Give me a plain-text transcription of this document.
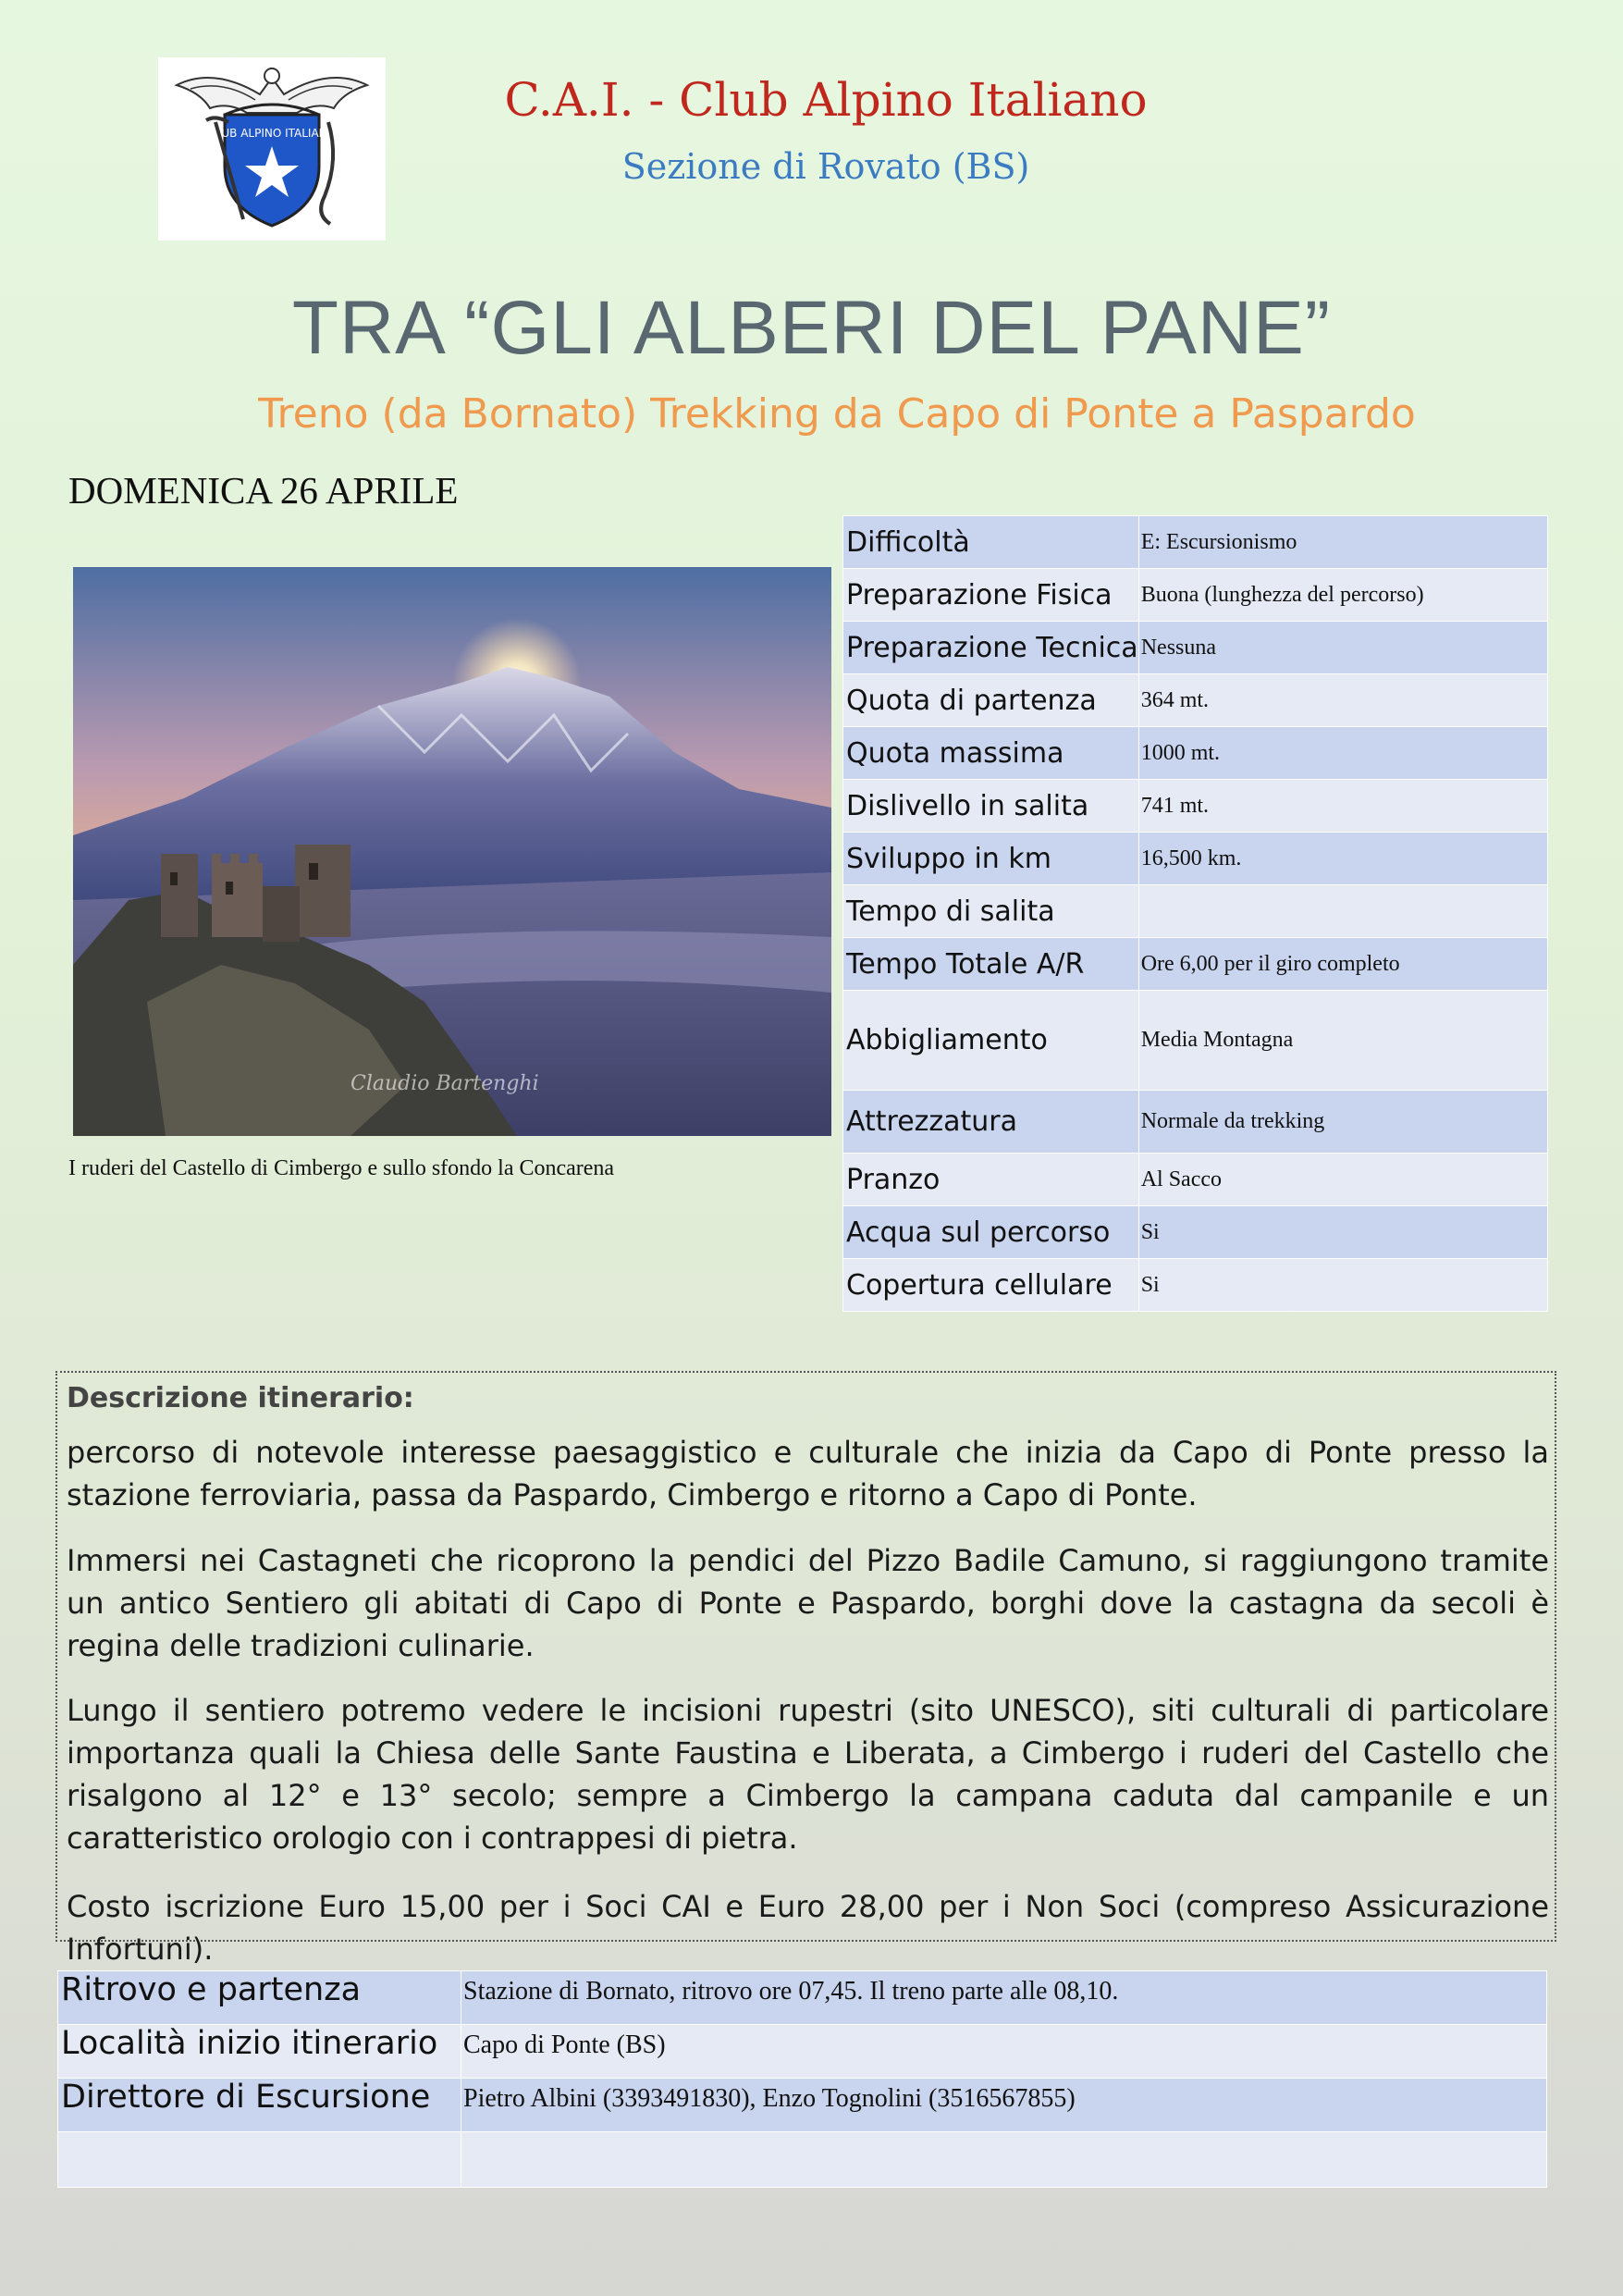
CLUB ALPINO ITALIANO
C.A.I. - Club Alpino Italiano
Sezione di Rovato (BS)
TRA “GLI ALBERI DEL PANE”
Treno (da Bornato) Trekking da Capo di Ponte a Paspardo
DOMENICA 26 APRILE
Claudio Bartenghi
I ruderi del Castello di Cimbergo e sullo sfondo la Concarena
Difficoltà	E: Escursionismo
Preparazione Fisica	Buona (lunghezza del percorso)
Preparazione Tecnica	Nessuna
Quota di partenza	364 mt.
Quota massima	1000 mt.
Dislivello in salita	741 mt.
Sviluppo in km	16,500 km.
Tempo di salita	
Tempo Totale A/R	Ore 6,00 per il giro completo
Abbigliamento	Media Montagna
Attrezzatura	Normale da trekking
Pranzo	Al Sacco
Acqua sul percorso	Si
Copertura cellulare	Si
Descrizione itinerario:

percorso di notevole interesse paesaggistico e culturale che inizia da Capo di Ponte presso la stazione ferroviaria, passa da Paspardo, Cimbergo e ritorno a Capo di Ponte.

Immersi nei Castagneti che ricoprono la pendici del Pizzo Badile Camuno, si raggiungono tramite un antico Sentiero gli abitati di Capo di Ponte e Paspardo, borghi dove la castagna da secoli è regina delle tradizioni culinarie.

Lungo il sentiero potremo vedere le incisioni rupestri (sito UNESCO), siti culturali di particolare importanza quali la Chiesa delle Sante Faustina e Liberata, a Cimbergo i ruderi del Castello che risalgono al 12° e 13° secolo; sempre a Cimbergo la campana caduta dal campanile e un caratteristico orologio con i contrappesi di pietra.

Costo iscrizione Euro 15,00 per i Soci CAI e Euro 28,00 per i Non Soci (compreso Assicurazione Infortuni).

Ritrovo e partenza	Stazione di Bornato, ritrovo ore 07,45. Il treno parte alle 08,10.
Località inizio itinerario	Capo di Ponte (BS)
Direttore di Escursione	Pietro Albini (3393491830), Enzo Tognolini (3516567855)
